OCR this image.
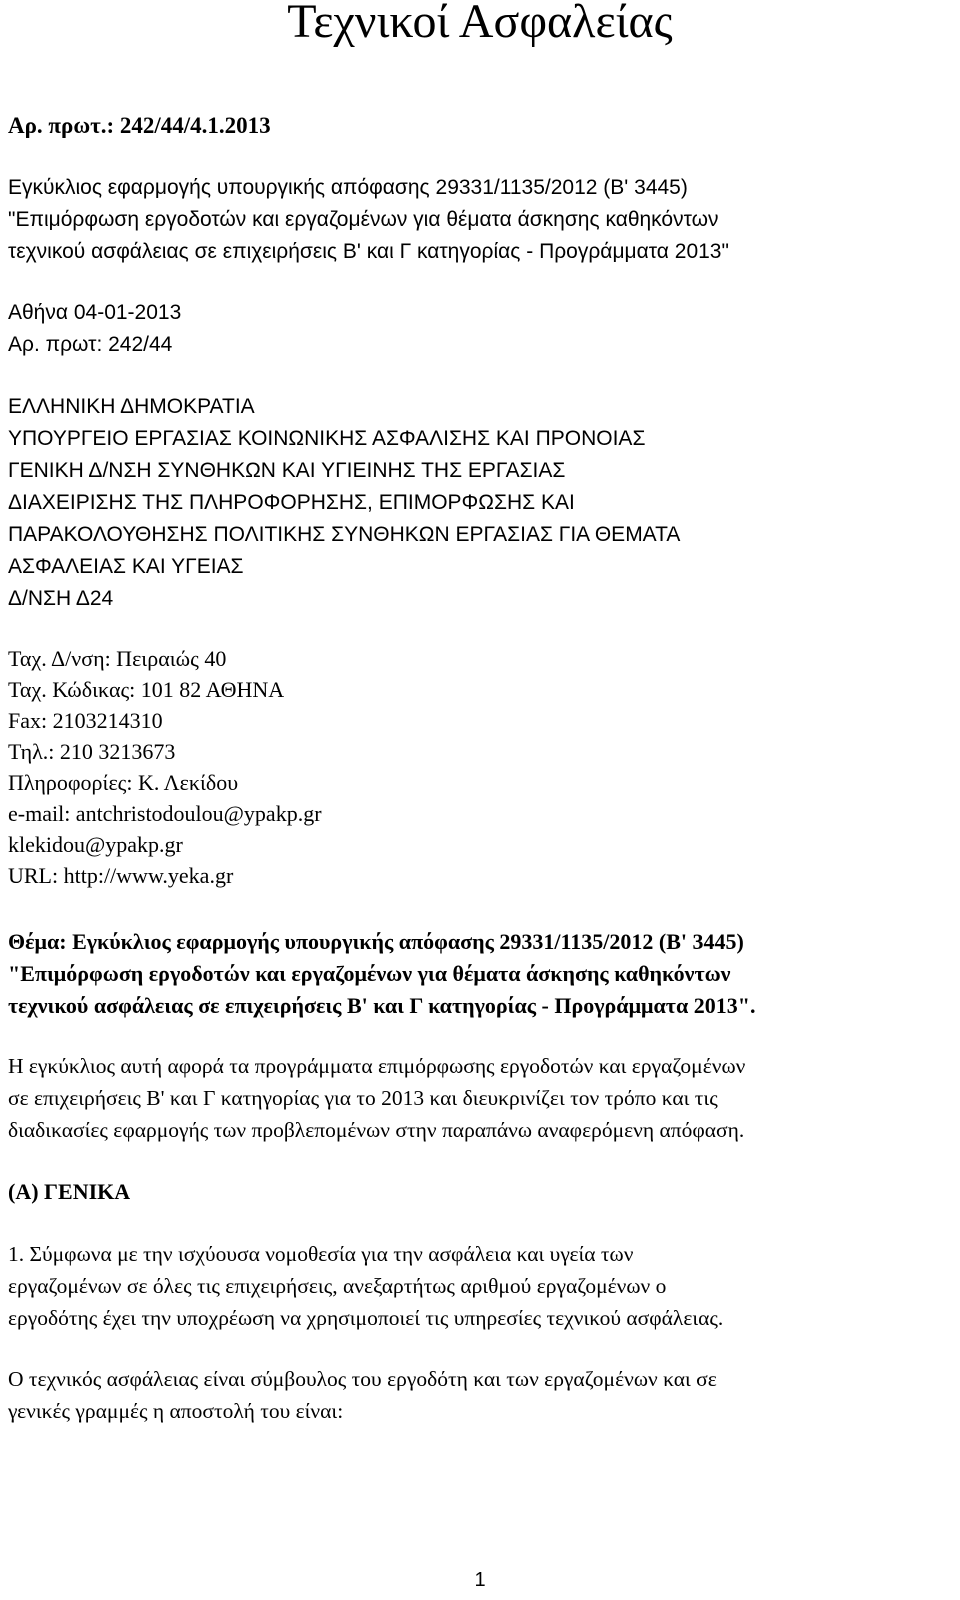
Τεχνικοί Ασφαλείας

Αρ. πρωτ.: 242/44/4.1.2013

Εγκύκλιος εφαρμογής υπουργικής απόφασης 29331/1135/2012 (Β' 3445)
"Επιμόρφωση εργοδοτών και εργαζομένων για θέματα άσκησης καθηκόντων
τεχνικού ασφάλειας σε επιχειρήσεις Β' και Γ κατηγορίας - Προγράμματα 2013"
Αθήνα 04-01-2013
Αρ. πρωτ: 242/44
ΕΛΛΗΝΙΚΗ ΔΗΜΟΚΡΑΤΙΑ
ΥΠΟΥΡΓΕΙΟ ΕΡΓΑΣΙΑΣ ΚΟΙΝΩΝΙΚΗΣ ΑΣΦΑΛΙΣΗΣ ΚΑΙ ΠΡΟΝΟΙΑΣ
ΓΕΝΙΚΗ Δ/ΝΣΗ ΣΥΝΘΗΚΩΝ ΚΑΙ ΥΓΙΕΙΝΗΣ ΤΗΣ ΕΡΓΑΣΙΑΣ
ΔΙΑΧΕΙΡΙΣΗΣ ΤΗΣ ΠΛΗΡΟΦΟΡΗΣΗΣ, ΕΠΙΜΟΡΦΩΣΗΣ ΚΑΙ
ΠΑΡΑΚΟΛΟΥΘΗΣΗΣ ΠΟΛΙΤΙΚΗΣ ΣΥΝΘΗΚΩΝ ΕΡΓΑΣΙΑΣ ΓΙΑ ΘΕΜΑΤΑ
ΑΣΦΑΛΕΙΑΣ ΚΑΙ ΥΓΕΙΑΣ
Δ/ΝΣΗ Δ24
Ταχ. Δ/νση: Πειραιώς 40
Ταχ. Κώδικας: 101 82 ΑΘΗΝΑ
Fax: 2103214310
Τηλ.: 210 3213673
Πληροφορίες: Κ. Λεκίδου
e-mail: antchristodoulou@ypakp.gr
klekidou@ypakp.gr
URL: http://www.yeka.gr
Θέμα: Εγκύκλιος εφαρμογής υπουργικής απόφασης 29331/1135/2012 (Β' 3445)
"Επιμόρφωση εργοδοτών και εργαζομένων για θέματα άσκησης καθηκόντων
τεχνικού ασφάλειας σε επιχειρήσεις Β' και Γ κατηγορίας - Προγράμματα 2013".
Η εγκύκλιος αυτή αφορά τα προγράμματα επιμόρφωσης εργοδοτών και εργαζομένων
σε επιχειρήσεις Β' και Γ κατηγορίας για το 2013 και διευκρινίζει τον τρόπο και τις
διαδικασίες εφαρμογής των προβλεπομένων στην παραπάνω αναφερόμενη απόφαση.
(Α) ΓΕΝΙΚΑ
1. Σύμφωνα με την ισχύουσα νομοθεσία για την ασφάλεια και υγεία των
εργαζομένων σε όλες τις επιχειρήσεις, ανεξαρτήτως αριθμού εργαζομένων ο
εργοδότης έχει την υποχρέωση να χρησιμοποιεί τις υπηρεσίες τεχνικού ασφάλειας.
Ο τεχνικός ασφάλειας είναι σύμβουλος του εργοδότη και των εργαζομένων και σε
γενικές γραμμές η αποστολή του είναι:
1
